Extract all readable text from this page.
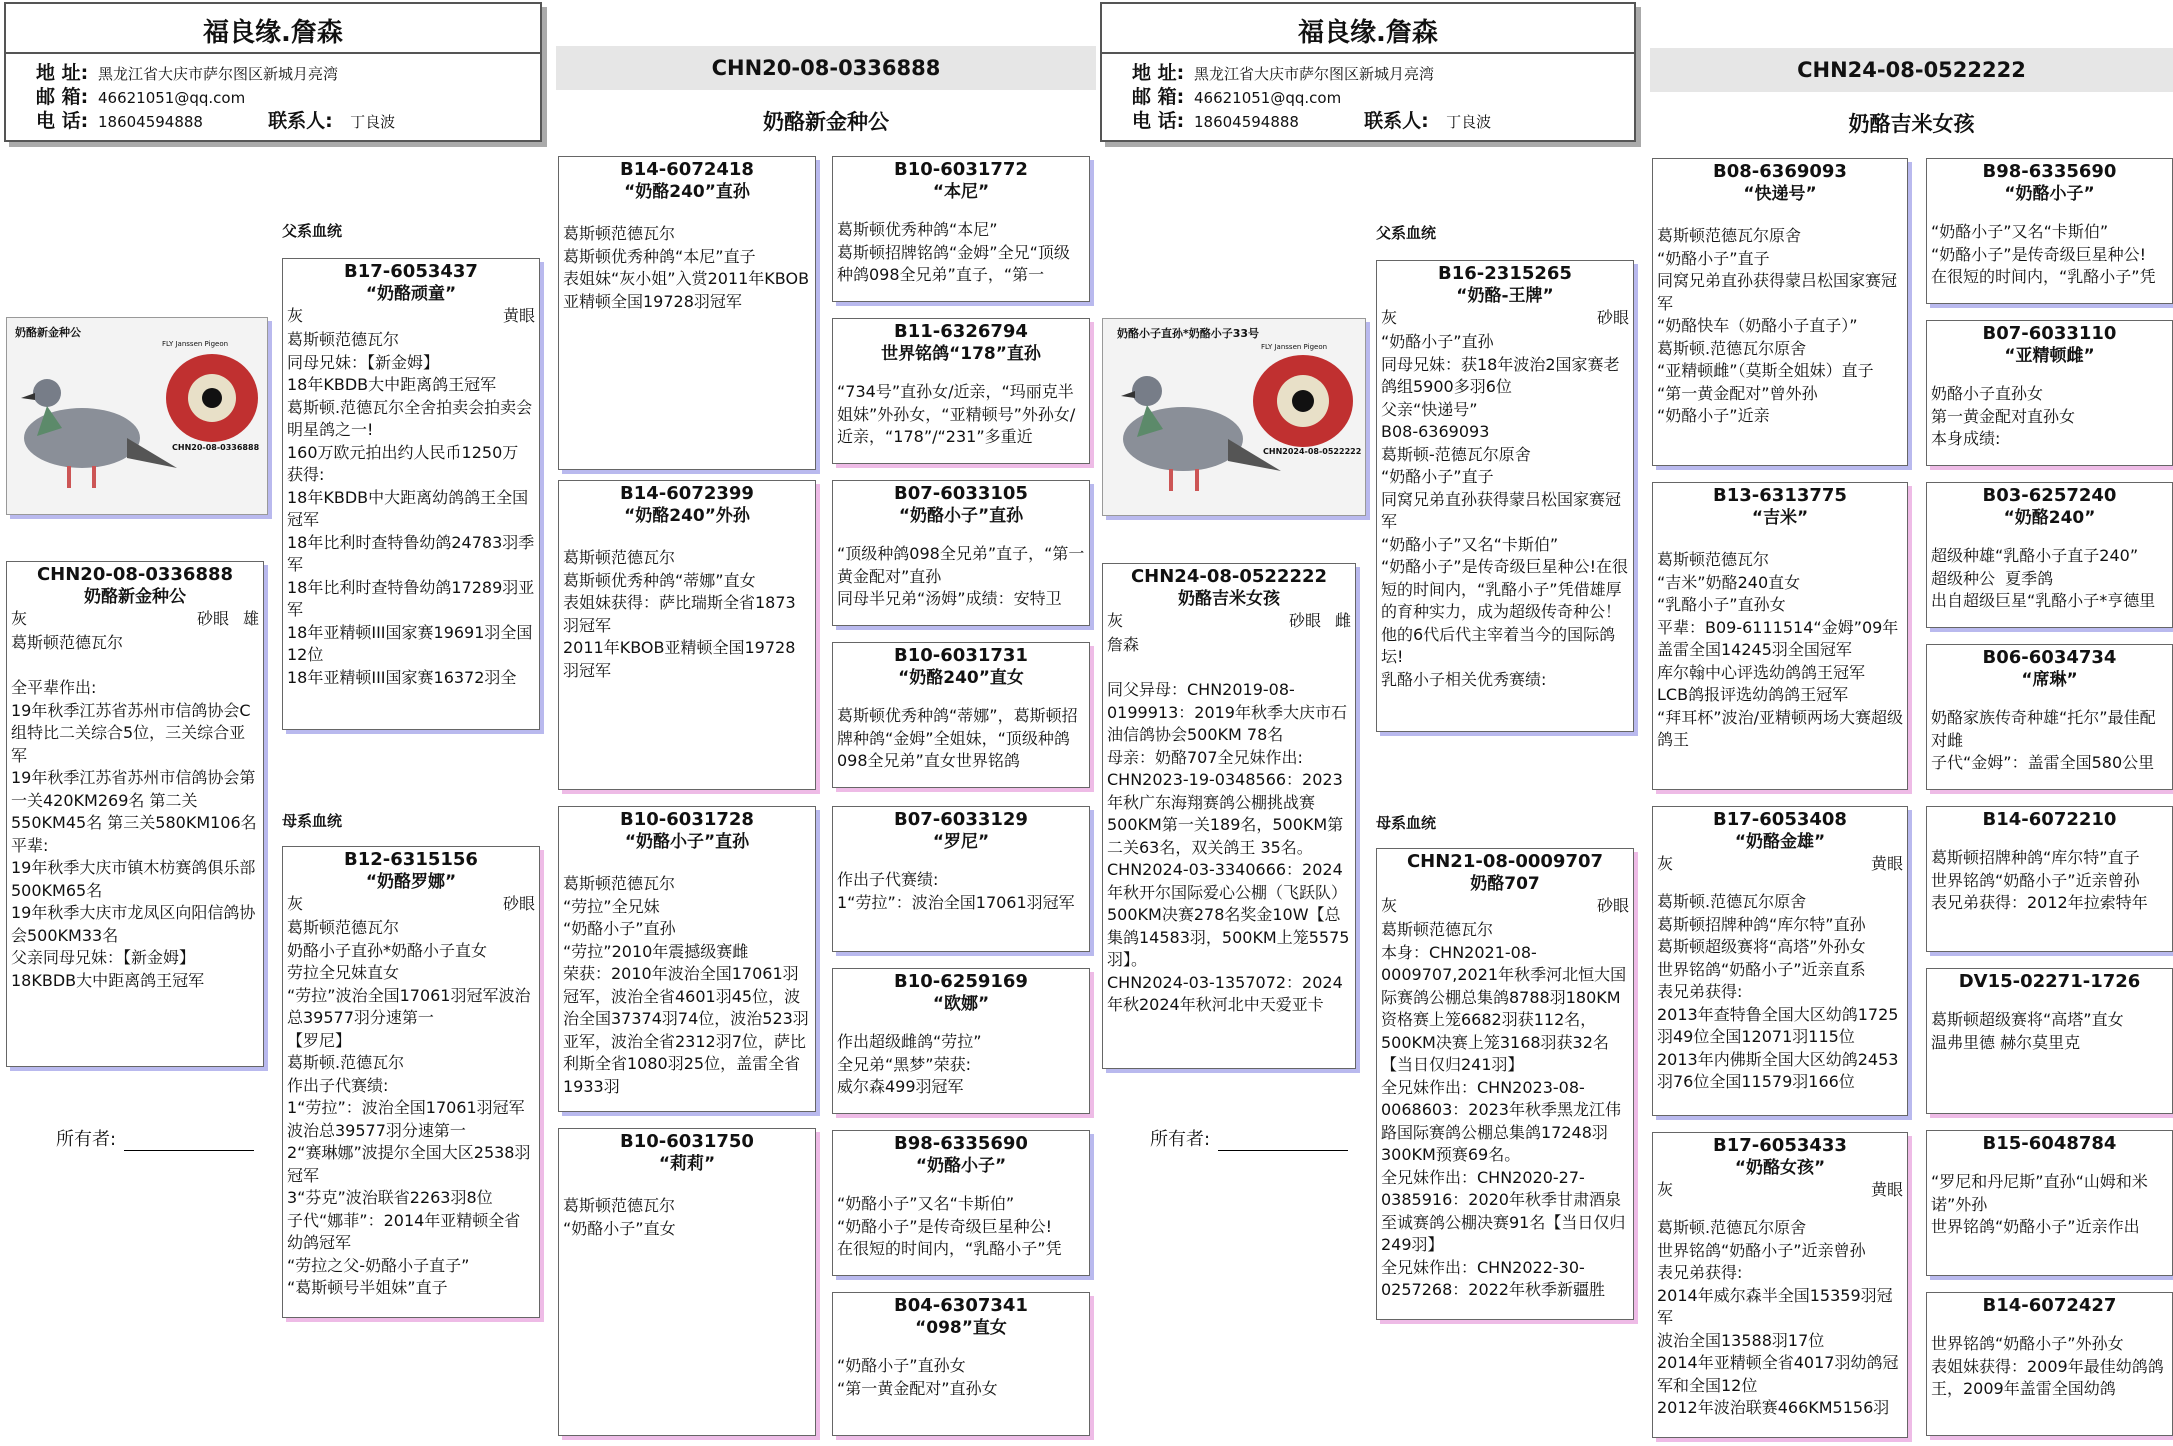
福良缘.詹森
地 址: 黑龙江省大庆市萨尔图区新城月亮湾
邮 箱: 46621051@qq.com
电 话: 18604594888	联系人: 丁良波
CHN20-08-0336888
奶酪新金种公
奶酪新金种公
FLY Janssen Pigeon
CHN20-08-0336888
CHN20-08-0336888
奶酪新金种公
灰	砂眼 雄
葛斯顿范德瓦尔

全平辈作出:
19年秋季江苏省苏州市信鸽协会C组特比二关综合5位，三关综合亚军
19年秋季江苏省苏州市信鸽协会第一关420KM269名 第二关550KM45名 第三关580KM106名
平辈:
19年秋季大庆市镇木枋赛鸽俱乐部500KM65名
19年秋季大庆市龙凤区向阳信鸽协会500KM33名
父亲同母兄妹：【新金姆】
18KBDB大中距离鸽王冠军
所有者:
父系血统
母系血统
B17-6053437
“奶酪顽童”
灰	黄眼
葛斯顿范德瓦尔
同母兄妹：【新金姆】
18年KBDB大中距离鸽王冠军
葛斯顿.范德瓦尔全舍拍卖会拍卖会明星鸽之一!
160万欧元拍出约人民币1250万
获得:
18年KBDB中大距离幼鸽鸽王全国冠军
18年比利时查特鲁幼鸽24783羽季军
18年比利时查特鲁幼鸽17289羽亚军
18年亚精顿III国家赛19691羽全国12位
18年亚精顿III国家赛16372羽全
B12-6315156
“奶酪罗娜”
灰	砂眼
葛斯顿范德瓦尔
奶酪小子直孙*奶酪小子直女
劳拉全兄妹直女
“劳拉”波治全国17061羽冠军波治总39577羽分速第一
【罗尼】
葛斯顿.范德瓦尔
作出子代赛绩:
1“劳拉”：波治全国17061羽冠军波治总39577羽分速第一
2“赛琳娜”波提尔全国大区2538羽冠军
3“芬克”波治联省2263羽8位
子代“娜菲”：2014年亚精顿全省幼鸽冠军
“劳拉之父-奶酪小子直子”
“葛斯顿号半姐妹”直子
B14-6072418
“奶酪240”直孙
葛斯顿范德瓦尔
葛斯顿优秀种鸽“本尼”直子
表姐妹“灰小姐”入赏2011年KBOB亚精顿全国19728羽冠军
B14-6072399
“奶酪240”外孙
葛斯顿范德瓦尔
葛斯顿优秀种鸽“蒂娜”直女
表姐妹获得：萨比瑞斯全省1873羽冠军
2011年KBOB亚精顿全国19728羽冠军
B10-6031728
“奶酪小子”直孙
葛斯顿范德瓦尔
“劳拉”全兄妹
“奶酪小子”直孙
“劳拉”2010年震撼级赛雌
荣获：2010年波治全国17061羽冠军，波治全省4601羽45位，波治全国37374羽74位，波治523羽亚军，波治全省2312羽7位，萨比利斯全省1080羽25位，盖雷全省1933羽
B10-6031750
“莉莉”
葛斯顿范德瓦尔
“奶酪小子”直女
B10-6031772
“本尼”
葛斯顿优秀种鸽“本尼”
葛斯顿招牌铭鸽“金姆”全兄“顶级种鸽098全兄弟”直子，“第一
B11-6326794
世界铭鸽“178”直孙
“734号”直孙女/近亲，“玛丽克半姐妹”外孙女，“亚精顿号”外孙女/近亲，“178”/“231”多重近
B07-6033105
“奶酪小子”直孙
“顶级种鸽098全兄弟”直子，“第一黄金配对”直孙
同母半兄弟“汤姆”成绩：安特卫
B10-6031731
“奶酪240”直女
葛斯顿优秀种鸽“蒂娜”，葛斯顿招牌种鸽“金姆”全姐妹，“顶级种鸽098全兄弟”直女世界铭鸽
B07-6033129
“罗尼”
作出子代赛绩:
1“劳拉”：波治全国17061羽冠军
B10-6259169
“欧娜”
作出超级雌鸽“劳拉”
全兄弟“黑梦”荣获:
威尔森499羽冠军
B98-6335690
“奶酪小子”
“奶酪小子”又名“卡斯伯”
“奶酪小子”是传奇级巨星种公!
在很短的时间内，“乳酪小子”凭
B04-6307341
“098”直女
“奶酪小子”直孙女
“第一黄金配对”直孙女
福良缘.詹森
地 址: 黑龙江省大庆市萨尔图区新城月亮湾
邮 箱: 46621051@qq.com
电 话: 18604594888	联系人: 丁良波
CHN24-08-0522222
奶酪吉米女孩
奶酪小子直孙*奶酪小子33号
FLY Janssen Pigeon
CHN2024-08-0522222
CHN24-08-0522222
奶酪吉米女孩
灰	砂眼 雌
詹森

同父异母：CHN2019-08-0199913：2019年秋季大庆市石油信鸽协会500KM 78名
母亲：奶酪707全兄妹作出:
CHN2023-19-0348566：2023年秋广东海翔赛鸽公棚挑战赛500KM第一关189名，500KM第二关63名，双关鸽王 35名。
CHN2024-03-3340666：2024年秋开尔国际爱心公棚（飞跃队）500KM决赛278名奖金10W【总集鸽14583羽，500KM上笼5575羽】。
CHN2024-03-1357072：2024年秋2024年秋河北中天爱亚卡
所有者:
父系血统
母系血统
B16-2315265
“奶酪-王牌”
灰	砂眼
“奶酪小子”直孙
同母兄妹：获18年波治2国家赛老鸽组5900多羽6位
父亲“快递号”
B08-6369093
葛斯顿-范德瓦尔原舍
“奶酪小子”直子
同窝兄弟直孙获得蒙吕松国家赛冠军
“奶酪小子”又名“卡斯伯”
“奶酪小子”是传奇级巨星种公!在很短的时间内，“乳酪小子”凭借雄厚的育种实力，成为超级传奇种公！他的6代后代主宰着当今的国际鸽坛!
乳酪小子相关优秀赛绩:
CHN21-08-0009707
奶酪707
灰	砂眼
葛斯顿范德瓦尔
本身：CHN2021-08-0009707,2021年秋季河北恒大国际赛鸽公棚总集鸽8788羽180KM资格赛上笼6682羽获112名，500KM决赛上笼3168羽获32名【当日仅归241羽】
全兄妹作出：CHN2023-08-0068603：2023年秋季黑龙江伟路国际赛鸽公棚总集鸽17248羽300KM预赛69名。
全兄妹作出：CHN2020-27-0385916：2020年秋季甘肃酒泉至诚赛鸽公棚决赛91名【当日仅归249羽】
全兄妹作出：CHN2022-30-0257268：2022年秋季新疆胜
B08-6369093
“快递号”
葛斯顿范德瓦尔原舍
“奶酪小子”直子
同窝兄弟直孙获得蒙吕松国家赛冠军
“奶酪快车（奶酪小子直子）”
葛斯顿.范德瓦尔原舍
“亚精顿雌”（莫斯全姐妹）直子
“第一黄金配对”曾外孙
“奶酪小子”近亲
B13-6313775
“吉米”
葛斯顿范德瓦尔
“吉米”奶酪240直女
“乳酪小子”直孙女
平辈：B09-6111514“金姆”09年盖雷全国14245羽全国冠军
库尔翰中心评选幼鸽鸽王冠军
LCB鸽报评选幼鸽鸽王冠军
“拜耳杯”波治/亚精顿两场大赛超级鸽王
B17-6053408
“奶酪金雄”
灰	黄眼
葛斯顿.范德瓦尔原舍
葛斯顿招牌种鸽“库尔特”直孙
葛斯顿超级赛将“高塔”外孙女
世界铭鸽“奶酪小子”近亲直系
表兄弟获得:
2013年查特鲁全国大区幼鸽1725羽49位全国12071羽115位
2013年内佛斯全国大区幼鸽2453羽76位全国11579羽166位
B17-6053433
“奶酪女孩”
灰	黄眼
葛斯顿.范德瓦尔原舍
世界铭鸽“奶酪小子”近亲曾孙
表兄弟获得:
2014年威尔森半全国15359羽冠军
波治全国13588羽17位
2014年亚精顿全省4017羽幼鸽冠军和全国12位
2012年波治联赛466KM5156羽
B98-6335690
“奶酪小子”
“奶酪小子”又名“卡斯伯”
“奶酪小子”是传奇级巨星种公!
在很短的时间内，“乳酪小子”凭
B07-6033110
“亚精顿雌”
奶酪小子直孙女
第一黄金配对直孙女
本身成绩:
B03-6257240
“奶酪240”
超级种雄“乳酪小子直子240”
超级种公  夏季鸽
出自超级巨星“乳酪小子*亨德里
B06-6034734
“席琳”
奶酪家族传奇种雄“托尔”最佳配对雌
子代“金姆”：盖雷全国580公里
B14-6072210
葛斯顿招牌种鸽“库尔特”直子
世界铭鸽“奶酪小子”近亲曾孙
表兄弟获得：2012年拉索特年
DV15-02271-1726
葛斯顿超级赛将“高塔”直女
温弗里德 赫尔莫里克
B15-6048784
“罗尼和丹尼斯”直孙“山姆和米诺”外孙
世界铭鸽“奶酪小子”近亲作出
B14-6072427
世界铭鸽“奶酪小子”外孙女
表姐妹获得：2009年最佳幼鸽鸽王，2009年盖雷全国幼鸽
